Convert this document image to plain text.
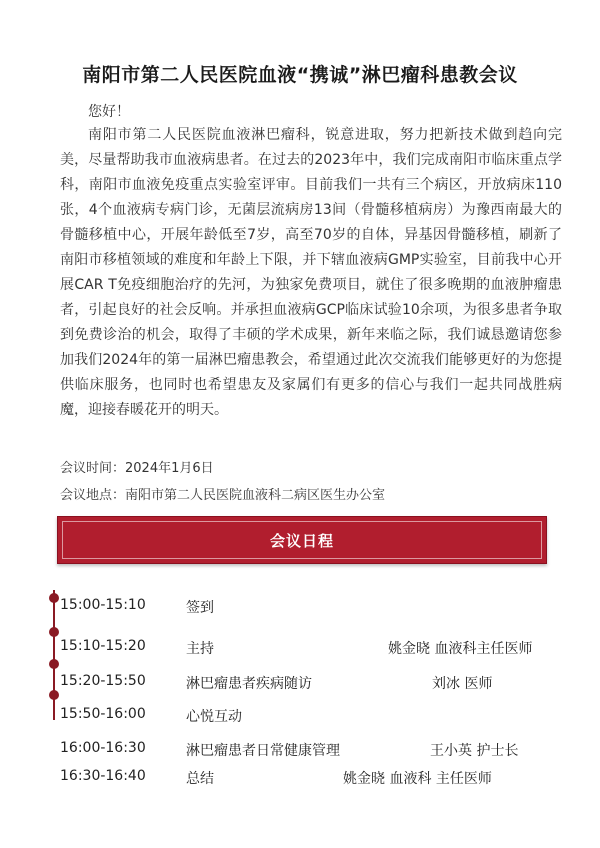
南阳市第二人民医院血液“携诚”淋巴瘤科患教会议
您好！
南阳市第二人民医院血液淋巴瘤科，锐意进取，努力把新技术做到趋向完美，尽量帮助我市血液病患者。在过去的2023年中，我们完成南阳市临床重点学科，南阳市血液免疫重点实验室评审。目前我们一共有三个病区，开放病床110张，4个血液病专病门诊，无菌层流病房13间（骨髓移植病房）为豫西南最大的骨髓移植中心，开展年龄低至7岁，高至70岁的自体，异基因骨髓移植，刷新了南阳市移植领域的难度和年龄上下限，并下辖血液病GMP实验室，目前我中心开展CAR T免疫细胞治疗的先河，为独家免费项目，就住了很多晚期的血液肿瘤患者，引起良好的社会反响。并承担血液病GCP临床试验10余项，为很多患者争取到免费诊治的机会，取得了丰硕的学术成果，新年来临之际，我们诚恳邀请您参加我们2024年的第一届淋巴瘤患教会，希望通过此次交流我们能够更好的为您提供临床服务，也同时也希望患友及家属们有更多的信心与我们一起共同战胜病魔，迎接春暖花开的明天。
会议时间：2024年1月6日
会议地点：南阳市第二人民医院血液科二病区医生办公室
会议日程
15:00-15:10	签到
15:10-15:20	主持	姚金晓 血液科主任医师
15:20-15:50	淋巴瘤患者疾病随访	刘冰 医师
15:50-16:00	心悦互动
16:00-16:30	淋巴瘤患者日常健康管理	王小英 护士长
16:30-16:40	总结	姚金晓 血液科 主任医师
